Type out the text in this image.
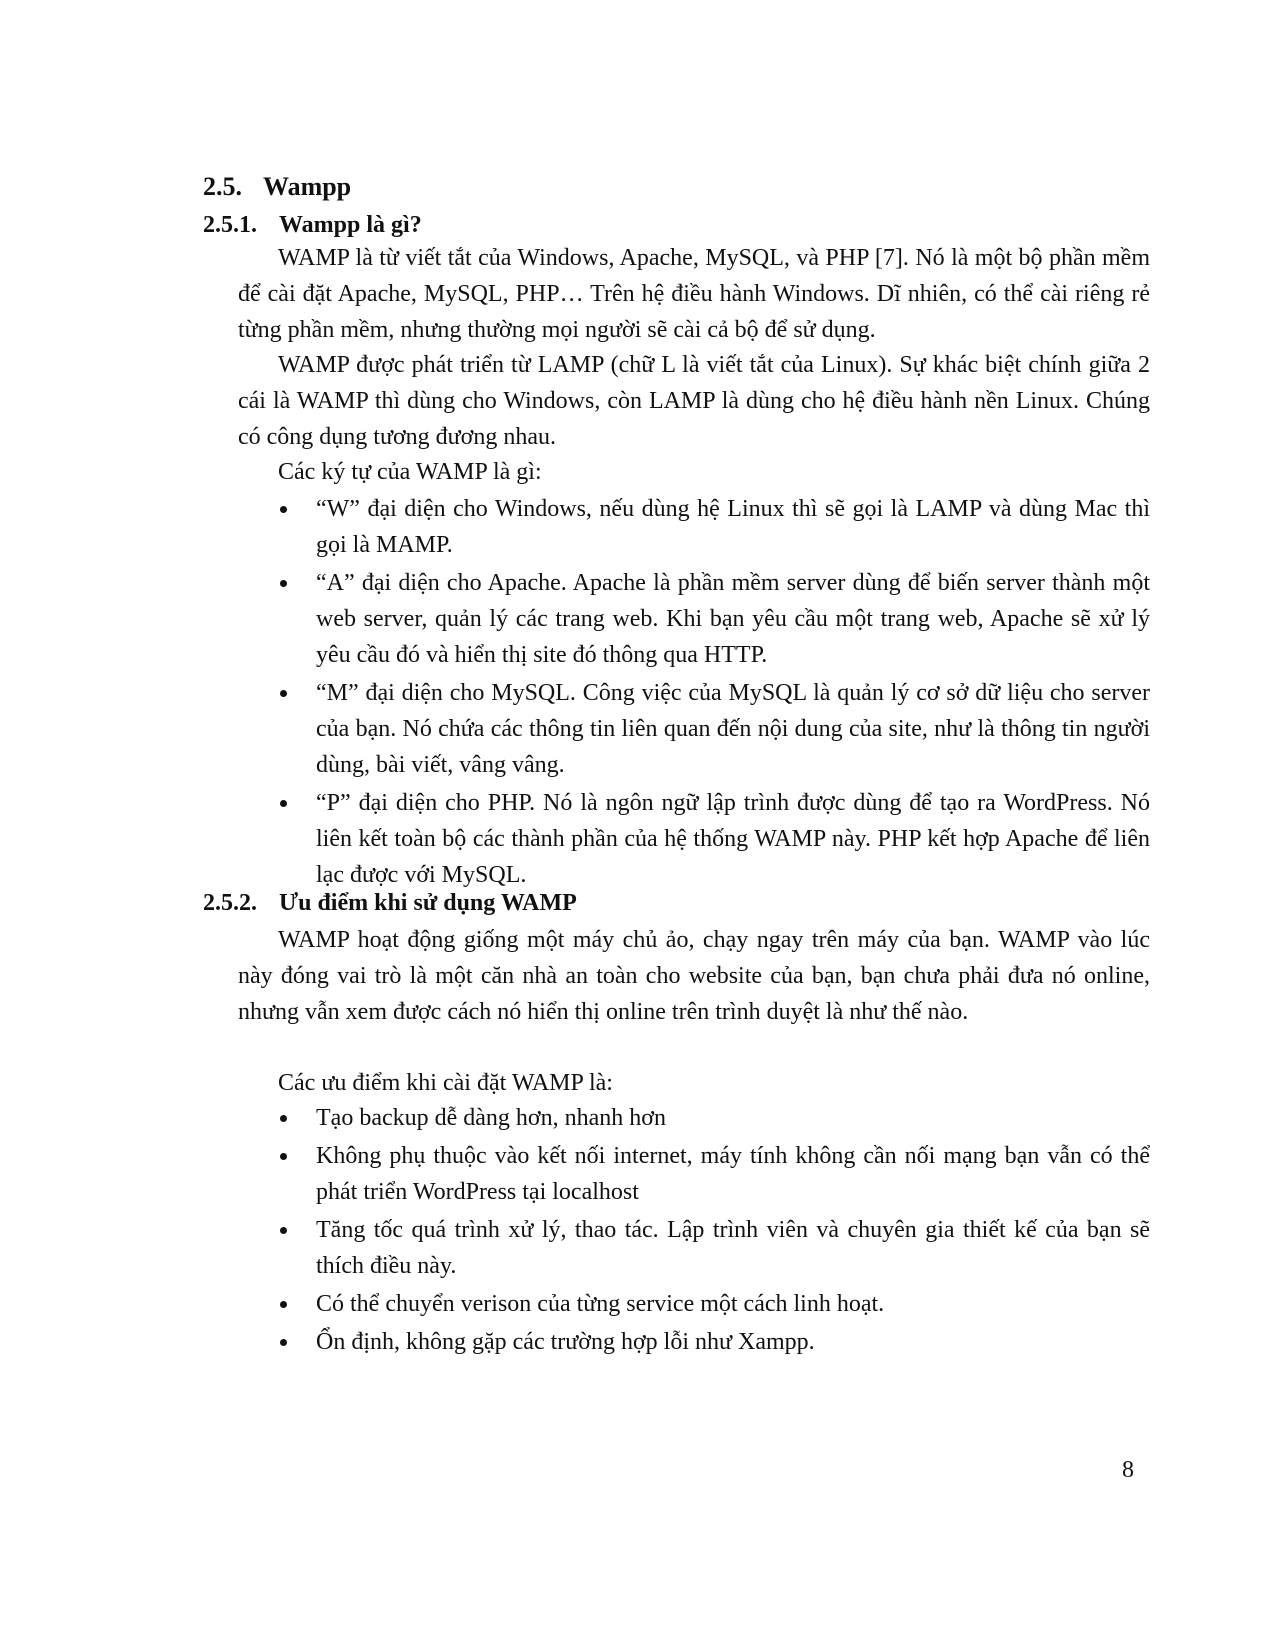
2.5. Wampp
2.5.1. Wampp là gì?

WAMP là từ viết tắt của Windows, Apache, MySQL, và PHP [7]. Nó là một bộ phần mềm để cài đặt Apache, MySQL, PHP… Trên hệ điều hành Windows. Dĩ nhiên, có thể cài riêng rẻ từng phần mềm, nhưng thường mọi người sẽ cài cả bộ để sử dụng.

WAMP được phát triển từ LAMP (chữ L là viết tắt của Linux). Sự khác biệt chính giữa 2 cái là WAMP thì dùng cho Windows, còn LAMP là dùng cho hệ điều hành nền Linux. Chúng có công dụng tương đương nhau.

Các ký tự của WAMP là gì:

“W” đại diện cho Windows, nếu dùng hệ Linux thì sẽ gọi là LAMP và dùng Mac thì gọi là MAMP.
“A” đại diện cho Apache. Apache là phần mềm server dùng để biến server thành một web server, quản lý các trang web. Khi bạn yêu cầu một trang web, Apache sẽ xử lý yêu cầu đó và hiển thị site đó thông qua HTTP.
“M” đại diện cho MySQL. Công việc của MySQL là quản lý cơ sở dữ liệu cho server của bạn. Nó chứa các thông tin liên quan đến nội dung của site, như là thông tin người dùng, bài viết, vâng vâng.
“P” đại diện cho PHP. Nó là ngôn ngữ lập trình được dùng để tạo ra WordPress. Nó liên kết toàn bộ các thành phần của hệ thống WAMP này. PHP kết hợp Apache để liên lạc được với MySQL.
2.5.2. Ưu điểm khi sử dụng WAMP

WAMP hoạt động giống một máy chủ ảo, chạy ngay trên máy của bạn. WAMP vào lúc này đóng vai trò là một căn nhà an toàn cho website của bạn, bạn chưa phải đưa nó online, nhưng vẫn xem được cách nó hiển thị online trên trình duyệt là như thế nào.

Các ưu điểm khi cài đặt WAMP là:

Tạo backup dễ dàng hơn, nhanh hơn
Không phụ thuộc vào kết nối internet, máy tính không cần nối mạng bạn vẫn có thể phát triển WordPress tại localhost
Tăng tốc quá trình xử lý, thao tác. Lập trình viên và chuyên gia thiết kế của bạn sẽ thích điều này.
Có thể chuyển verison của từng service một cách linh hoạt.
Ổn định, không gặp các trường hợp lỗi như Xampp.
8
